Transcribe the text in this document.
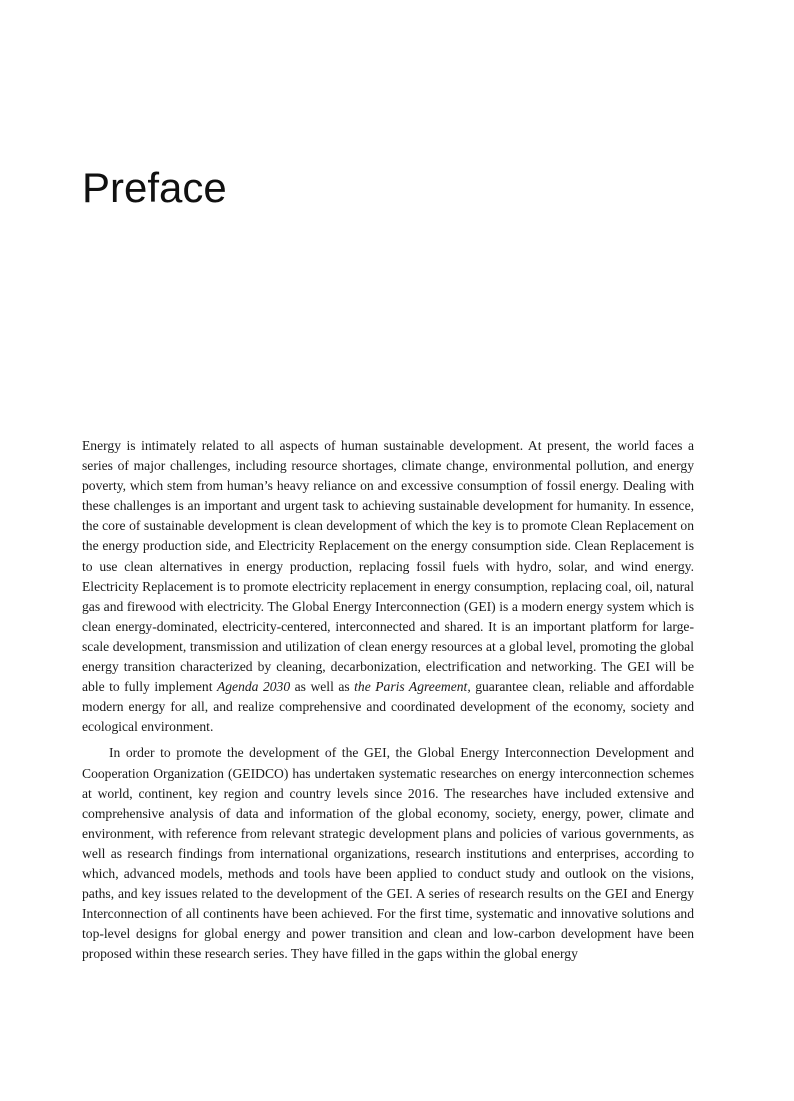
Preface

Energy is intimately related to all aspects of human sustainable development. At present, the world faces a series of major challenges, including resource shortages, climate change, environmental pollution, and energy poverty, which stem from human’s heavy reliance on and excessive consumption of fossil energy. Dealing with these challenges is an important and urgent task to achieving sustainable development for humanity. In essence, the core of sustainable development is clean development of which the key is to promote Clean Replacement on the energy production side, and Electricity Replacement on the energy consumption side. Clean Replacement is to use clean alternatives in energy production, replacing fossil fuels with hydro, solar, and wind energy. Electricity Replacement is to promote electricity replacement in energy consumption, replacing coal, oil, natural gas and firewood with electricity. The Global Energy Interconnection (GEI) is a modern energy system which is clean energy-dominated, electricity-centered, interconnected and shared. It is an important platform for large-scale development, transmission and utilization of clean energy resources at a global level, promoting the global energy transition characterized by cleaning, decarbonization, electrification and networking. The GEI will be able to fully implement Agenda 2030 as well as the Paris Agreement, guarantee clean, reliable and affordable modern energy for all, and realize comprehensive and coordinated development of the economy, society and ecological environment.

In order to promote the development of the GEI, the Global Energy Interconnection Development and Cooperation Organization (GEIDCO) has undertaken systematic researches on energy interconnection schemes at world, continent, key region and country levels since 2016. The researches have included extensive and comprehensive analysis of data and information of the global economy, society, energy, power, climate and environment, with reference from relevant strategic development plans and policies of various governments, as well as research findings from international organizations, research institutions and enterprises, according to which, advanced models, methods and tools have been applied to conduct study and outlook on the visions, paths, and key issues related to the development of the GEI. A series of research results on the GEI and Energy Interconnection of all continents have been achieved. For the first time, systematic and innovative solutions and top-level designs for global energy and power transition and clean and low-carbon development have been proposed within these research series. They have filled in the gaps within the global energy
